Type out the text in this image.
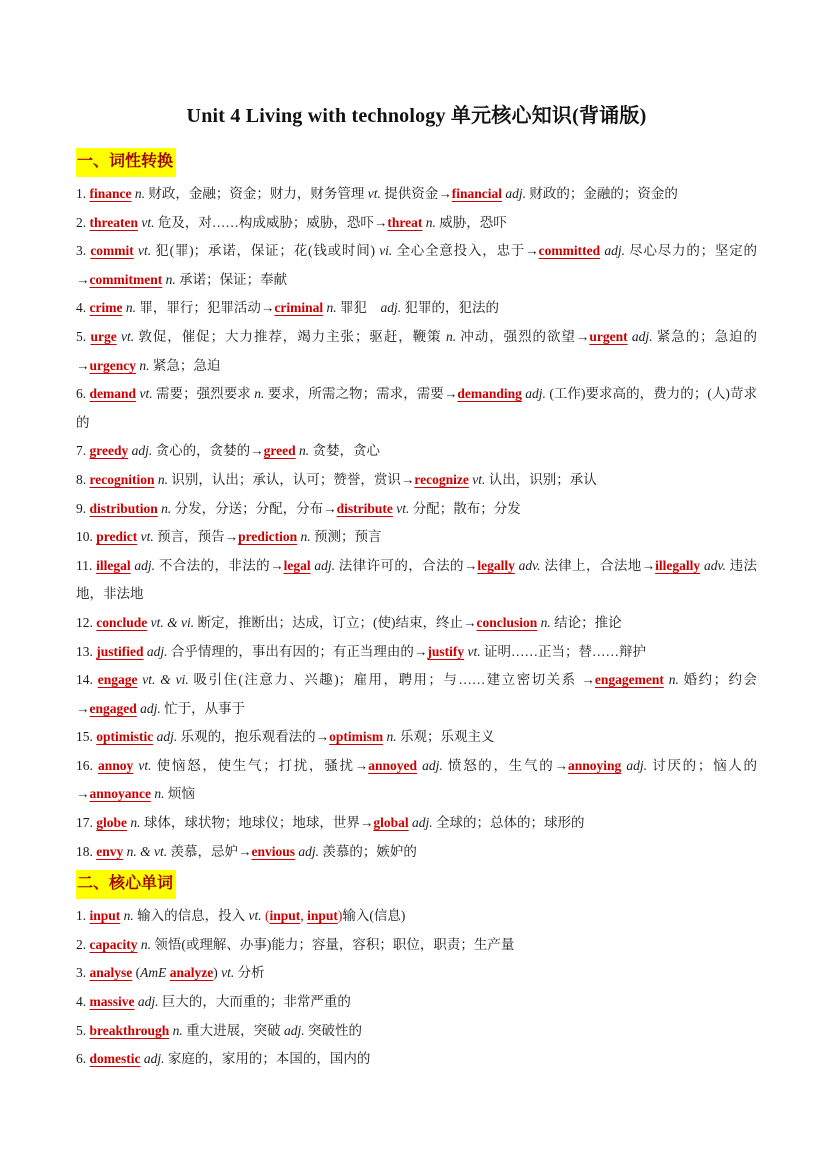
Unit 4 Living with technology 单元核心知识(背诵版)
一、词性转换

1. finance n. 财政，金融；资金；财力，财务管理 vt. 提供资金→financial adj. 财政的；金融的；资金的

2. threaten vt. 危及，对……构成威胁；威胁，恐吓→threat n. 威胁，恐吓

3. commit vt. 犯(罪)；承诺，保证；花(钱或时间) vi. 全心全意投入，忠于→committed adj. 尽心尽力的；坚定的→commitment n. 承诺；保证；奉献

4. crime n. 罪，罪行；犯罪活动→criminal n. 罪犯　adj. 犯罪的，犯法的

5. urge vt. 敦促，催促；大力推荐，竭力主张；驱赶，鞭策 n. 冲动，强烈的欲望→urgent adj. 紧急的；急迫的→urgency n. 紧急；急迫

6. demand vt. 需要；强烈要求 n. 要求，所需之物；需求，需要→demanding adj. (工作)要求高的，费力的；(人)苛求的

7. greedy adj. 贪心的，贪婪的→greed n. 贪婪，贪心

8. recognition n. 识别，认出；承认，认可；赞誉，赏识→recognize vt. 认出，识别；承认

9. distribution n. 分发，分送；分配，分布→distribute vt. 分配；散布；分发

10. predict vt. 预言，预告→prediction n. 预测；预言

11. illegal adj. 不合法的，非法的→legal adj. 法律许可的，合法的→legally adv. 法律上，合法地→illegally adv. 违法地，非法地

12. conclude vt. & vi. 断定，推断出；达成，订立；(使)结束，终止→conclusion n. 结论；推论

13. justified adj. 合乎情理的，事出有因的；有正当理由的→justify vt. 证明……正当；替……辩护

14. engage vt. & vi. 吸引住(注意力、兴趣)；雇用，聘用；与……建立密切关系 →engagement n. 婚约；约会→engaged adj. 忙于，从事于

15. optimistic adj. 乐观的，抱乐观看法的→optimism n. 乐观；乐观主义

16. annoy vt. 使恼怒，使生气；打扰，骚扰→annoyed adj. 愤怒的，生气的→annoying adj. 讨厌的；恼人的→annoyance n. 烦恼

17. globe n. 球体，球状物；地球仪；地球，世界→global adj. 全球的；总体的；球形的

18. envy n. & vt. 羡慕，忌妒→envious adj. 羡慕的；嫉妒的

二、核心单词

1. input n. 输入的信息，投入 vt. (input, input)输入(信息)

2. capacity n. 领悟(或理解、办事)能力；容量，容积；职位，职责；生产量

3. analyse (AmE analyze) vt. 分析

4. massive adj. 巨大的，大而重的；非常严重的

5. breakthrough n. 重大进展，突破 adj. 突破性的

6. domestic adj. 家庭的，家用的；本国的，国内的
